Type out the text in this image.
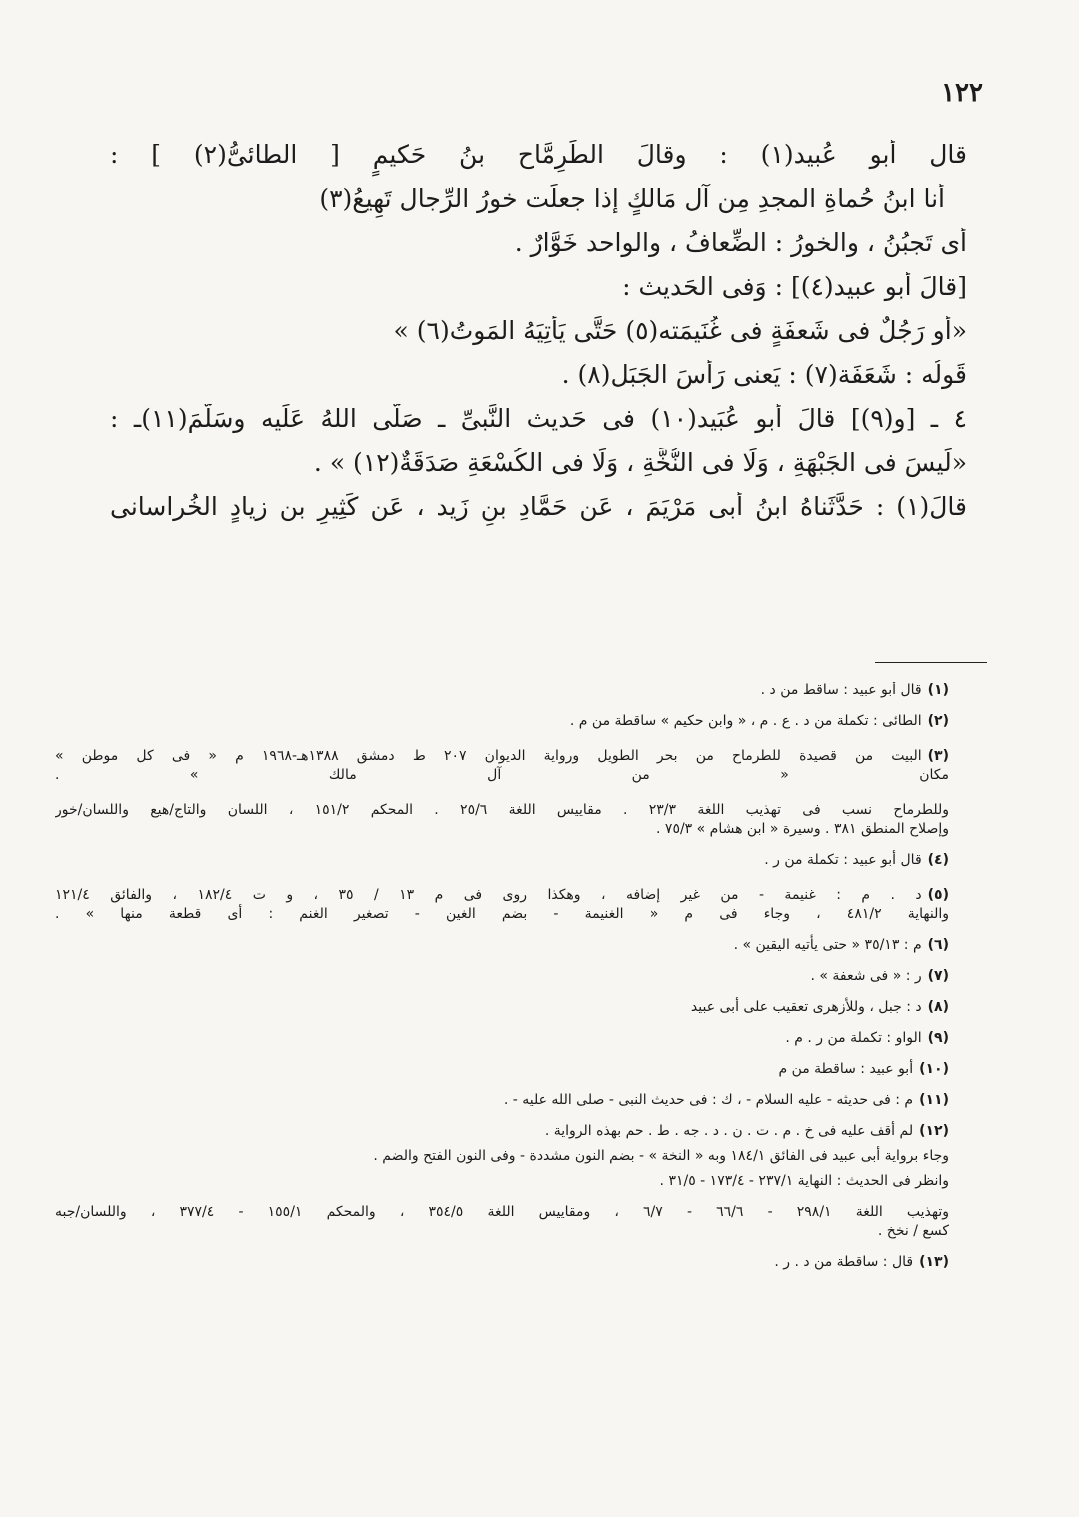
١٢٢
قال أَبو عُبيد(١) : وقالَ الطِّرِمَّاح بنُ حَكيمٍ [ الطائىُّ(٢) ] :
أَنا ابنُ حُماةِ المجدِ مِن آل مَالكٍ إذا جعلَت خورُ الرِّجال تَهِيعُ(٣)
أَى تَجبُنُ ، والخورُ : الضِّعافُ ، والواحد خَوَّارٌ .
[قالَ أَبو عبيد(٤)] : وَفى الحَديث :
«أَو رَجُلٌ فى شَعفَةٍ فى غُنَيمَته(٥) حَتَّى يَأْتِيَهُ المَوتُ(٦) »
قَولُه : شَعَفَة(٧) : يَعنى رَأْسَ الجَبَل(٨) .
٤ ـ [و(٩)] قالَ أَبو عُبَيد(١٠) فى حَديث النَّبىِّ ـ صَلَّى اللهُ عَلَيه وسَلَّمَ(١١)ـ :
«لَيسَ فى الجَبْهَةِ ، وَلَا فى النُّخَّةِ ، وَلَا فى الكُسْعَةِ صَدَقَةٌ(١٢) » .
قالَ(١) : حَدَّثَناهُ ابنُ أَبى مَرْيَمَ ، عَن حَمَّادِ بنِ زَيد ، عَن كَثِيرِ بن زيادٍ الخُراسانى

(١)قال أبو عبيد : ساقط من د .

(٢)الطائى : تكملة من د . ع . م ، « وابن حكيم » ساقطة من م .

(٣)البيت من قصيدة للطرماح من بحر الطويل ورواية الديوان ٢٠٧ ط دمشق ١٣٨٨هـ-١٩٦٨ م « فى كل موطن »

مكان « من آل مالك » .

وللطرماح نسب فى تهذيب اللغة ٢٣/٣ . مقاييس اللغة ٢٥/٦ . المحكم ١٥١/٢ ، اللسان والتاج/هيع واللسان/خور

وإصلاح المنطق ٣٨١ . وسيرة « ابن هشام » ٧٥/٣ .

(٤)قال أبو عبيد : تكملة من ر .

(٥)د . م : غنيمة - من غير إضافه ، وهكذا روى فى م ١٣ / ٣٥ ، و ت ١٨٢/٤ ، والفائق ١٢١/٤

والنهاية ٤٨١/٢ ، وجاء فى م « الغنيمة - بضم الغين - تصغير الغنم : أى قطعة منها » .

(٦)م : ٣٥/١٣ « حتى يأتيه اليقين » .

(٧)ر : « فى شعفة » .

(٨)د : جبل ، وللأزهرى تعقيب على أبى عبيد

(٩)الواو : تكملة من ر . م .

(١٠)أبو عبيد : ساقطة من م

(١١)م : فى حديثه - عليه السلام - ، ك : فى حديث النبى - صلى الله عليه - .

(١٢)لم أقف عليه فى خ . م . ت . ن . د . جه . ط . حم بهذه الرواية .

وجاء برواية أبى عبيد فى الفائق ١٨٤/١ وبه « النخة » - بضم النون مشددة - وفى النون الفتح والضم .

وانظر فى الحديث : النهاية ٢٣٧/١ - ١٧٣/٤ - ٣١/٥ .

وتهذيب اللغة ٢٩٨/١ - ٦٦/٦ - ٦/٧ ، ومقاييس اللغة ٣٥٤/٥ ، والمحكم ١٥٥/١ - ٣٧٧/٤ ، واللسان/جبه

كسع / نخخ .

(١٣)قال : ساقطة من د . ر .
